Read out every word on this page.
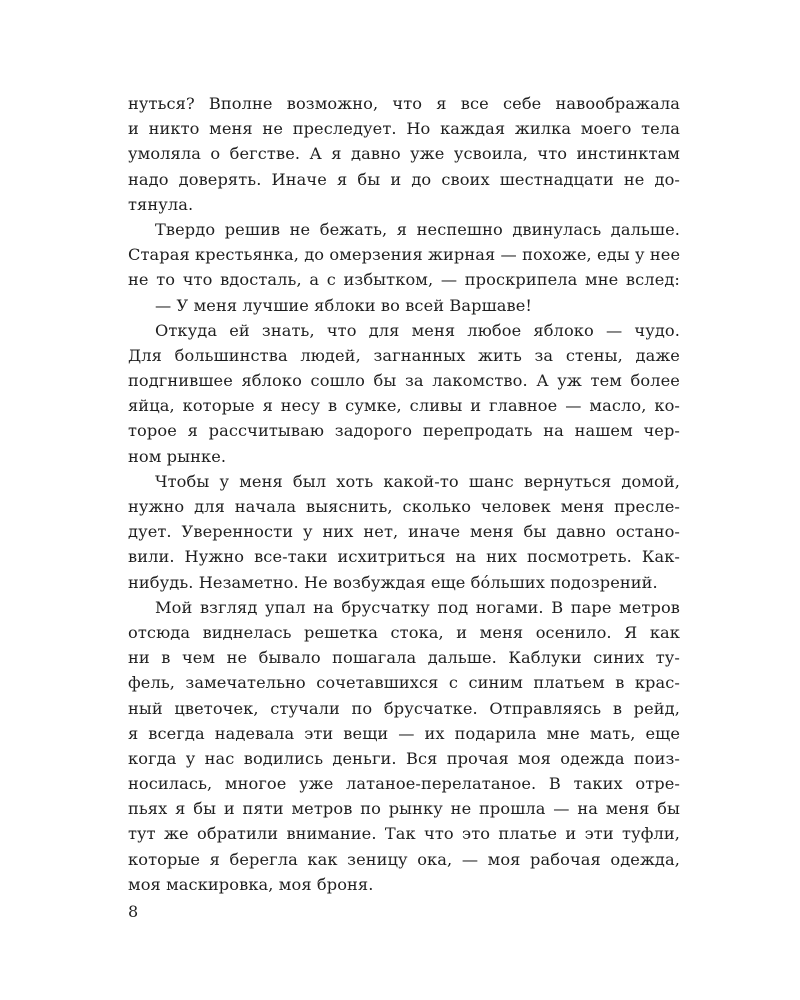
нуться? Вполне возможно, что я все себе навоображала
и никто меня не преследует. Но каждая жилка моего тела
умоляла о бегстве. А я давно уже усвоила, что инстинктам
надо доверять. Иначе я бы и до своих шестнадцати не до-
тянула.
Твердо решив не бежать, я неспешно двинулась дальше.
Старая крестьянка, до омерзения жирная — похоже, еды у нее
не то что вдосталь, а с избытком, — проскрипела мне вслед:
— У меня лучшие яблоки во всей Варшаве!
Откуда ей знать, что для меня любое яблоко — чудо.
Для большинства людей, загнанных жить за стены, даже
подгнившее яблоко сошло бы за лакомство. А уж тем более
яйца, которые я несу в сумке, сливы и главное — масло, ко-
торое я рассчитываю задорого перепродать на нашем чер-
ном рынке.
Чтобы у меня был хоть какой-то шанс вернуться домой,
нужно для начала выяснить, сколько человек меня пресле-
дует. Уверенности у них нет, иначе меня бы давно остано-
вили. Нужно все-таки исхитриться на них посмотреть. Как-
нибудь. Незаметно. Не возбуждая еще бо́льших подозрений.
Мой взгляд упал на брусчатку под ногами. В паре метров
отсюда виднелась решетка стока, и меня осенило. Я как
ни в чем не бывало пошагала дальше. Каблуки синих ту-
фель, замечательно сочетавшихся с синим платьем в крас-
ный цветочек, стучали по брусчатке. Отправляясь в рейд,
я всегда надевала эти вещи — их подарила мне мать, еще
когда у нас водились деньги. Вся прочая моя одежда поиз-
носилась, многое уже латаное-перелатаное. В таких отре-
пьях я бы и пяти метров по рынку не прошла — на меня бы
тут же обратили внимание. Так что это платье и эти туфли,
которые я берегла как зеницу ока, — моя рабочая одежда,
моя маскировка, моя броня.
8
